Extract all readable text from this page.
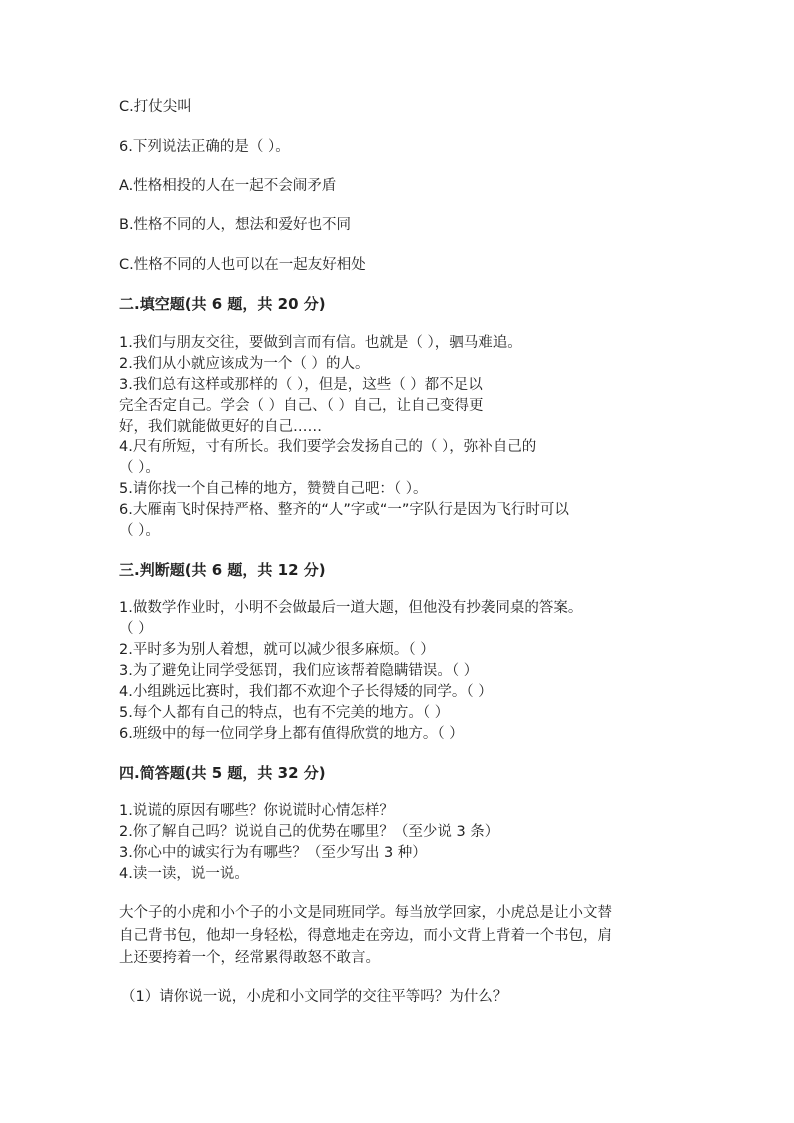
C.打仗尖叫

6.下列说法正确的是（ ）。

A.性格相投的人在一起不会闹矛盾

B.性格不同的人，想法和爱好也不同

C.性格不同的人也可以在一起友好相处

二.填空题(共 6 题，共 20 分)

1.我们与朋友交往，要做到言而有信。也就是（ ），驷马难追。

2.我们从小就应该成为一个（ ）的人。

3.我们总有这样或那样的（ ），但是，这些（ ）都不足以

完全否定自己。学会（ ）自己、（ ）自己，让自己变得更

好，我们就能做更好的自己……

4.尺有所短，寸有所长。我们要学会发扬自己的（ ），弥补自己的

（ ）。

5.请你找一个自己棒的地方，赞赞自己吧：（ ）。

6.大雁南飞时保持严格、整齐的“人”字或“一”字队行是因为飞行时可以

（ ）。

三.判断题(共 6 题，共 12 分)

1.做数学作业时，小明不会做最后一道大题，但他没有抄袭同桌的答案。

（ ）

2.平时多为别人着想，就可以减少很多麻烦。（ ）

3.为了避免让同学受惩罚，我们应该帮着隐瞒错误。（ ）

4.小组跳远比赛时，我们都不欢迎个子长得矮的同学。（ ）

5.每个人都有自己的特点，也有不完美的地方。（ ）

6.班级中的每一位同学身上都有值得欣赏的地方。（ ）

四.简答题(共 5 题，共 32 分)

1.说谎的原因有哪些？你说谎时心情怎样？

2.你了解自己吗？说说自己的优势在哪里？（至少说 3 条）

3.你心中的诚实行为有哪些？（至少写出 3 种）

4.读一读，说一说。

大个子的小虎和小个子的小文是同班同学。每当放学回家，小虎总是让小文替

自己背书包，他却一身轻松，得意地走在旁边，而小文背上背着一个书包，肩

上还要挎着一个，经常累得敢怒不敢言。

（1）请你说一说，小虎和小文同学的交往平等吗？为什么？
